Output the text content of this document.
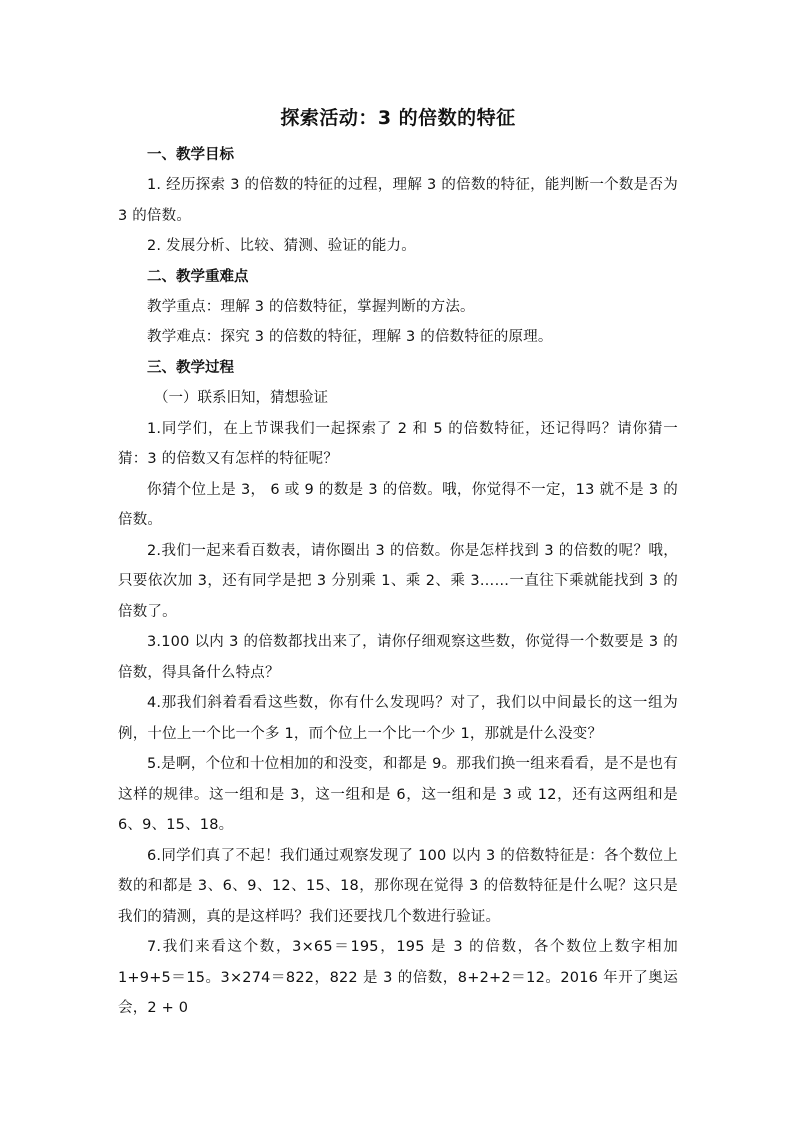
探索活动：3 的倍数的特征
一、教学目标

1. 经历探索 3 的倍数的特征的过程，理解 3 的倍数的特征，能判断一个数是否为 3 的倍数。

2. 发展分析、比较、猜测、验证的能力。

二、教学重难点

教学重点：理解 3 的倍数特征，掌握判断的方法。

教学难点：探究 3 的倍数的特征，理解 3 的倍数特征的原理。

三、教学过程

（一）联系旧知，猜想验证

1.同学们，在上节课我们一起探索了 2 和 5 的倍数特征，还记得吗？请你猜一猜：3 的倍数又有怎样的特征呢？

你猜个位上是 3， 6 或 9 的数是 3 的倍数。哦，你觉得不一定，13 就不是 3 的倍数。

2.我们一起来看百数表，请你圈出 3 的倍数。你是怎样找到 3 的倍数的呢？哦，只要依次加 3，还有同学是把 3 分别乘 1、乘 2、乘 3……一直往下乘就能找到 3 的倍数了。

3.100 以内 3 的倍数都找出来了，请你仔细观察这些数，你觉得一个数要是 3 的倍数，得具备什么特点？

4.那我们斜着看看这些数，你有什么发现吗？对了，我们以中间最长的这一组为例，十位上一个比一个多 1，而个位上一个比一个少 1，那就是什么没变？

5.是啊，个位和十位相加的和没变，和都是 9。那我们换一组来看看，是不是也有这样的规律。这一组和是 3，这一组和是 6，这一组和是 3 或 12，还有这两组和是 6、9、15、18。

6.同学们真了不起！我们通过观察发现了 100 以内 3 的倍数特征是：各个数位上数的和都是 3、6、9、12、15、18，那你现在觉得 3 的倍数特征是什么呢？这只是我们的猜测，真的是这样吗？我们还要找几个数进行验证。

7.我们来看这个数，3×65＝195，195 是 3 的倍数，各个数位上数字相加 1+9+5＝15。3×274＝822，822 是 3 的倍数，8+2+2＝12。2016 年开了奥运会，2 + 0
